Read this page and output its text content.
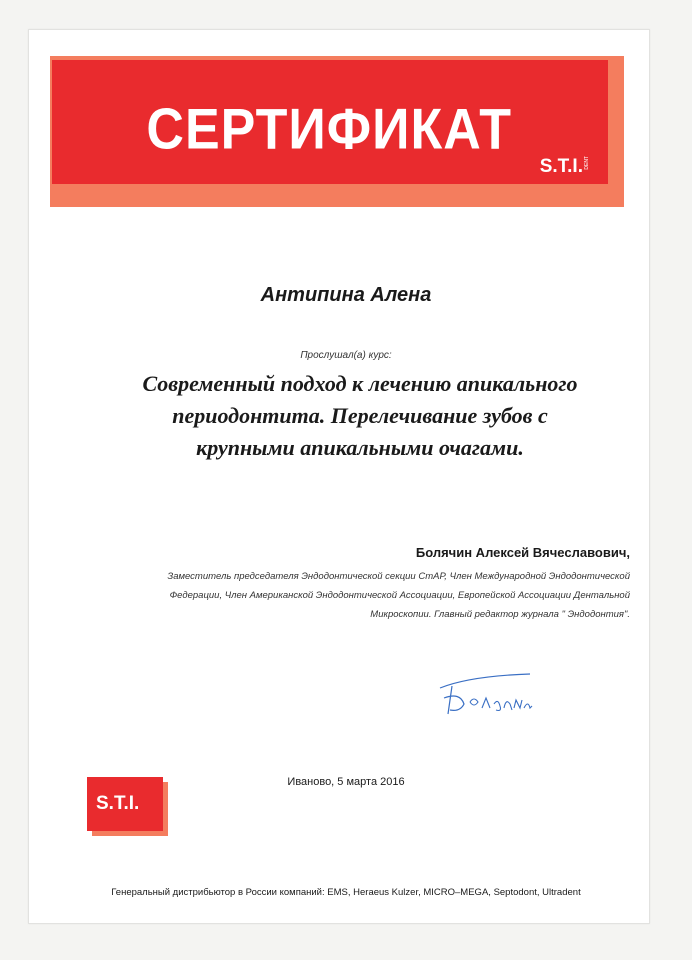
СЕРТИФИКАТ
S.T.I.DENT
Антипина Алена
Прослушал(а) курс:
Современный подход к лечению апикального
периодонтита. Перелечивание зубов с
крупными апикальными очагами.
Болячин Алексей Вячеславович,
Заместитель председателя Эндодонтической секции СтАР, Член Международной Эндодонтической
Федерации, Член Американской Эндодонтической Ассоциации, Европейской Ассоциации Дентальной
Микроскопии. Главный редактор журнала " Эндодонтия".
Иваново, 5 марта 2016
S.T.I.
Генеральный дистрибьютор в России компаний: EMS, Heraeus Kulzer, MICRO–MEGA, Septodont, Ultradent
